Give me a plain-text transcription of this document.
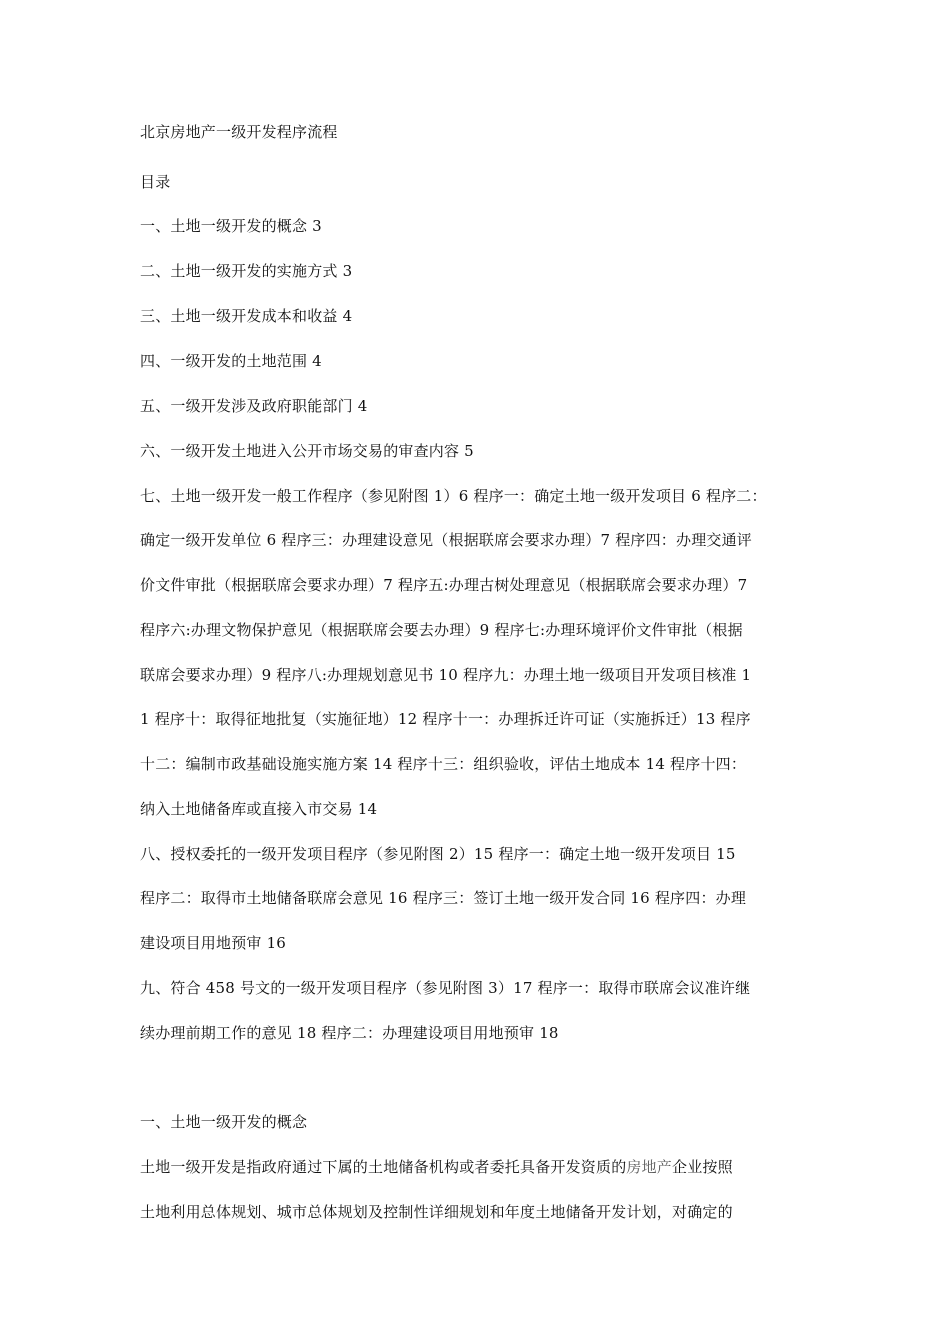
北京房地产一级开发程序流程
目录
一、土地一级开发的概念 3
二、土地一级开发的实施方式 3
三、土地一级开发成本和收益 4
四、一级开发的土地范围 4
五、一级开发涉及政府职能部门 4
六、一级开发土地进入公开市场交易的审查内容 5
七、土地一级开发一般工作程序（参见附图 1）6 程序一：确定土地一级开发项目 6 程序二：
确定一级开发单位 6 程序三：办理建设意见（根据联席会要求办理）7 程序四：办理交通评
价文件审批（根据联席会要求办理）7 程序五:办理古树处理意见（根据联席会要求办理）7
程序六:办理文物保护意见（根据联席会要去办理）9 程序七:办理环境评价文件审批（根据
联席会要求办理）9 程序八:办理规划意见书 10 程序九：办理土地一级项目开发项目核准 1
1 程序十：取得征地批复（实施征地）12 程序十一：办理拆迁许可证（实施拆迁）13 程序
十二：编制市政基础设施实施方案 14 程序十三：组织验收，评估土地成本 14 程序十四：
纳入土地储备库或直接入市交易 14
八、授权委托的一级开发项目程序（参见附图 2）15 程序一：确定土地一级开发项目 15
程序二：取得市土地储备联席会意见 16 程序三：签订土地一级开发合同 16 程序四：办理
建设项目用地预审 16
九、符合 458 号文的一级开发项目程序（参见附图 3）17 程序一：取得市联席会议准许继
续办理前期工作的意见 18 程序二：办理建设项目用地预审 18
一、土地一级开发的概念
土地一级开发是指政府通过下属的土地储备机构或者委托具备开发资质的房地产企业按照
土地利用总体规划、城市总体规划及控制性详细规划和年度土地储备开发计划，对确定的
